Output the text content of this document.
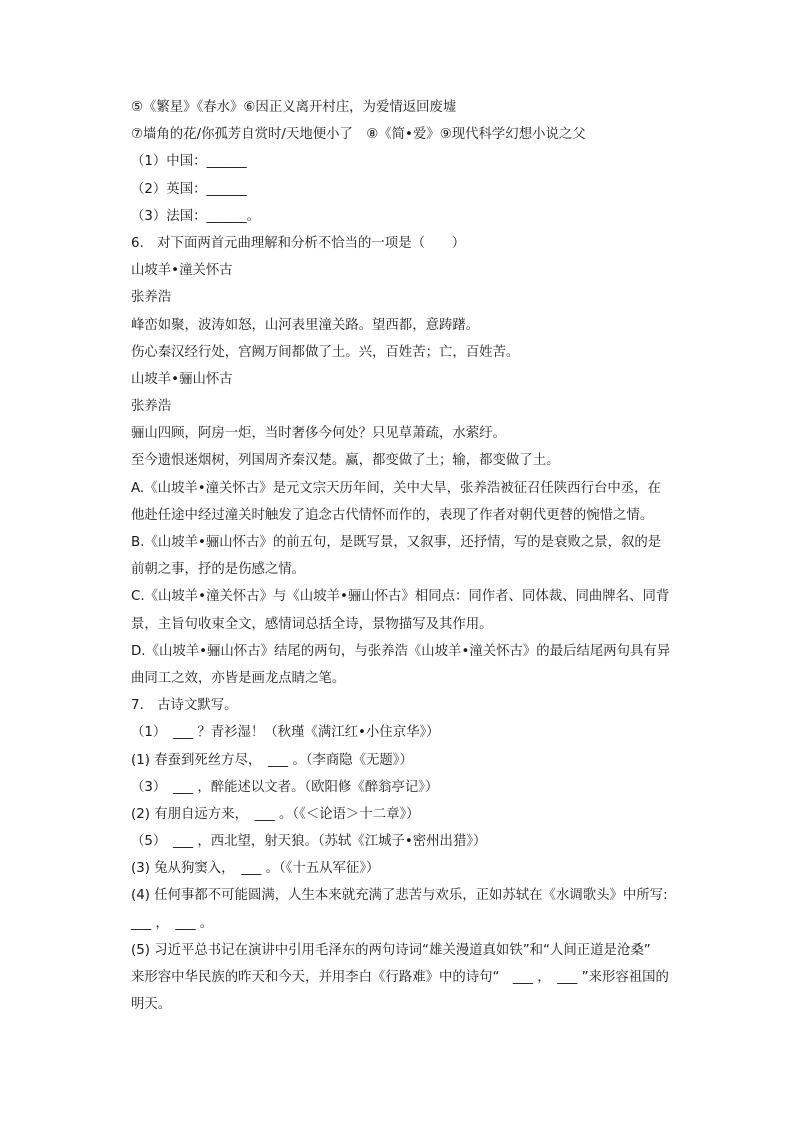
⑤《繁星》《春水》⑥因正义离开村庄，为爱情返回废墟
⑦墙角的花/你孤芳自赏时/天地便小了　⑧《简•爱》⑨现代科学幻想小说之父
（1）中国：______
（2）英国：______
（3）法国：______。
6.　对下面两首元曲理解和分析不恰当的一项是（　　）
山坡羊•潼关怀古
张养浩
峰峦如聚，波涛如怒，山河表里潼关路。望西都，意踌躇。
伤心秦汉经行处，宫阙万间都做了土。兴，百姓苦；亡，百姓苦。
山坡羊•骊山怀古
张养浩
骊山四顾，阿房一炬，当时奢侈今何处？只见草萧疏，水萦纡。
至今遗恨迷烟树，列国周齐秦汉楚。赢，都变做了土；输，都变做了土。
A.《山坡羊•潼关怀古》是元文宗天历年间，关中大旱，张养浩被征召任陕西行台中丞，在
他赴任途中经过潼关时触发了追念古代情怀而作的，表现了作者对朝代更替的惋惜之情。
B.《山坡羊•骊山怀古》的前五句，是既写景，又叙事，还抒情，写的是衰败之景，叙的是
前朝之事，抒的是伤感之情。
C.《山坡羊•潼关怀古》与《山坡羊•骊山怀古》相同点：同作者、同体裁、同曲牌名、同背
景，主旨句收束全文，感情词总括全诗，景物描写及其作用。
D.《山坡羊•骊山怀古》结尾的两句，与张养浩《山坡羊•潼关怀古》的最后结尾两句具有异
曲同工之效，亦皆是画龙点睛之笔。
7.　古诗文默写。
（1）　___ ？青衫湿！（秋瑾《满江红•小住京华》）
(1) 春蚕到死丝方尽，　___ 。（李商隐《无题》）
（3）　___ ，醉能述以文者。（欧阳修《醉翁亭记》）
(2) 有朋自远方来，　___ 。（《＜论语＞十二章》）
（5）　___ ，西北望，射天狼。（苏轼《江城子•密州出猎》）
(3) 兔从狗窦入，　___ 。（《十五从军征》）
(4) 任何事都不可能圆满，人生本来就充满了悲苦与欢乐，正如苏轼在《水调歌头》中所写:
___ ，　___ 。
(5) 习近平总书记在演讲中引用毛泽东的两句诗词“雄关漫道真如铁”和“人间正道是沧桑”
来形容中华民族的昨天和今天，并用李白《行路难》中的诗句“　___ ，　___ ”来形容祖国的
明天。
